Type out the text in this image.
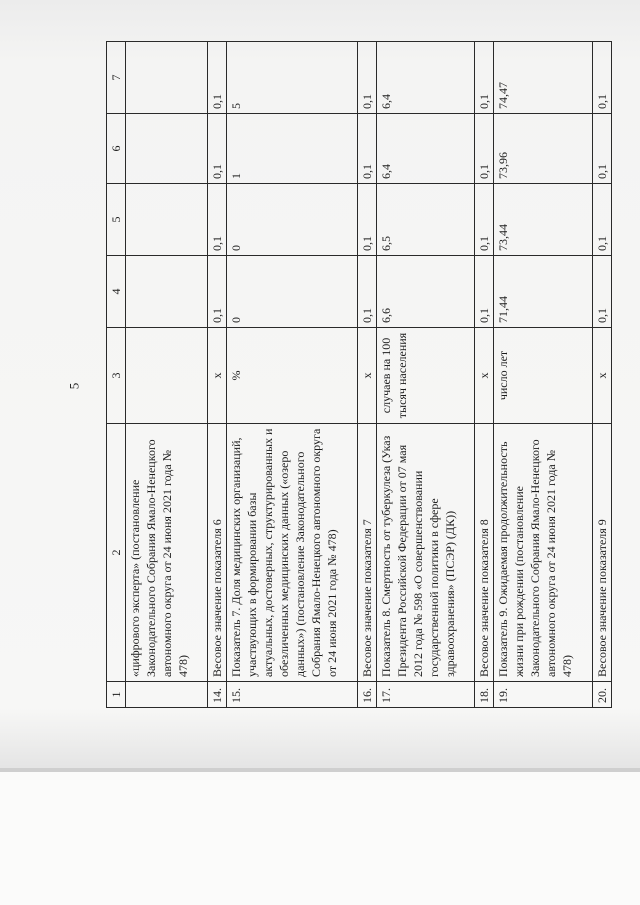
5
1	2	3	4	5	6	7
	«цифрового эксперта» (постановление Законодательного Собрания Ямало-Ненецкого автономного округа от 24 июня 2021 года № 478)					
14.	Весовое значение показателя 6	x	0,1	0,1	0,1	0,1
15.	Показатель 7. Доля медицинских организаций, участвующих в формировании базы актуальных, достоверных, структурированных и обезличенных медицинских данных («озеро данных») (постановление Законодательного Собрания Ямало-Ненецкого автономного округа от 24 июня 2021 года № 478)	%	0	0	1	5
16.	Весовое значение показателя 7	x	0,1	0,1	0,1	0,1
17.	Показатель 8. Смертность от туберкулеза (Указ Президента Российской Федерации от 07 мая 2012 года № 598 «О совершенствовании государственной политики в сфере здравоохранения» (ПСЭР) (ДК))	случаев на 100 тысяч населения	6,6	6,5	6,4	6,4
18.	Весовое значение показателя 8	x	0,1	0,1	0,1	0,1
19.	Показатель 9. Ожидаемая продолжительность жизни при рождении (постановление Законодательного Собрания Ямало-Ненецкого автономного округа от 24 июня 2021 года № 478)	число лет	71,44	73,44	73,96	74,47
20.	Весовое значение показателя 9	x	0,1	0,1	0,1	0,1
